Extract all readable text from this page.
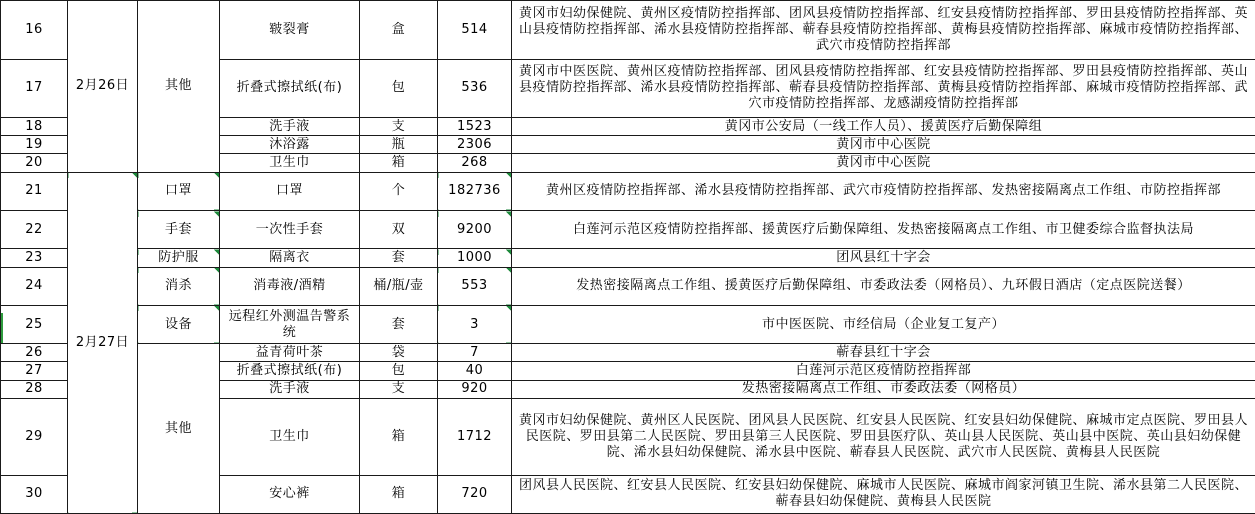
16	2月26日	其他	皲裂膏	盒	514	黄冈市妇幼保健院、黄州区疫情防控指挥部、团风县疫情防控指挥部、红安县疫情防控指挥部、罗田县疫情防控指挥部、英山县疫情防控指挥部、浠水县疫情防控指挥部、蕲春县疫情防控指挥部、黄梅县疫情防控指挥部、麻城市疫情防控指挥部、武穴市疫情防控指挥部
17			折叠式擦拭纸(布)	包	536	黄冈市中医医院、黄州区疫情防控指挥部、团风县疫情防控指挥部、红安县疫情防控指挥部、罗田县疫情防控指挥部、英山县疫情防控指挥部、浠水县疫情防控指挥部、蕲春县疫情防控指挥部、黄梅县疫情防控指挥部、麻城市疫情防控指挥部、武穴市疫情防控指挥部、龙感湖疫情防控指挥部
18			洗手液	支	1523	黄冈市公安局（一线工作人员）、援黄医疗后勤保障组
19			沐浴露	瓶	2306	黄冈市中心医院
20			卫生巾	箱	268	黄冈市中心医院
21	2月27日	口罩	口罩	个	182736	黄州区疫情防控指挥部、浠水县疫情防控指挥部、武穴市疫情防控指挥部、发热密接隔离点工作组、市防控指挥部
22		手套	一次性手套	双	9200	白莲河示范区疫情防控指挥部、援黄医疗后勤保障组、发热密接隔离点工作组、市卫健委综合监督执法局
23		防护服	隔离衣	套	1000	团风县红十字会
24		消杀	消毒液/酒精	桶/瓶/壶	553	发热密接隔离点工作组、援黄医疗后勤保障组、市委政法委（网格员）、九环假日酒店（定点医院送餐）
25		设备	远程红外测温告警系统	套	3	市中医医院、市经信局（企业复工复产）
26		其他	益青荷叶茶	袋	7	蕲春县红十字会
27			折叠式擦拭纸(布)	包	40	白莲河示范区疫情防控指挥部
28			洗手液	支	920	发热密接隔离点工作组、市委政法委（网格员）
29			卫生巾	箱	1712	黄冈市妇幼保健院、黄州区人民医院、团风县人民医院、红安县人民医院、红安县妇幼保健院、麻城市定点医院、罗田县人民医院、罗田县第二人民医院、罗田县第三人民医院、罗田县医疗队、英山县人民医院、英山县中医院、英山县妇幼保健院、浠水县妇幼保健院、浠水县中医院、蕲春县人民医院、武穴市人民医院、黄梅县人民医院
30			安心裤	箱	720	团风县人民医院、红安县人民医院、红安县妇幼保健院、麻城市人民医院、麻城市阎家河镇卫生院、浠水县第二人民医院、蕲春县妇幼保健院、黄梅县人民医院
